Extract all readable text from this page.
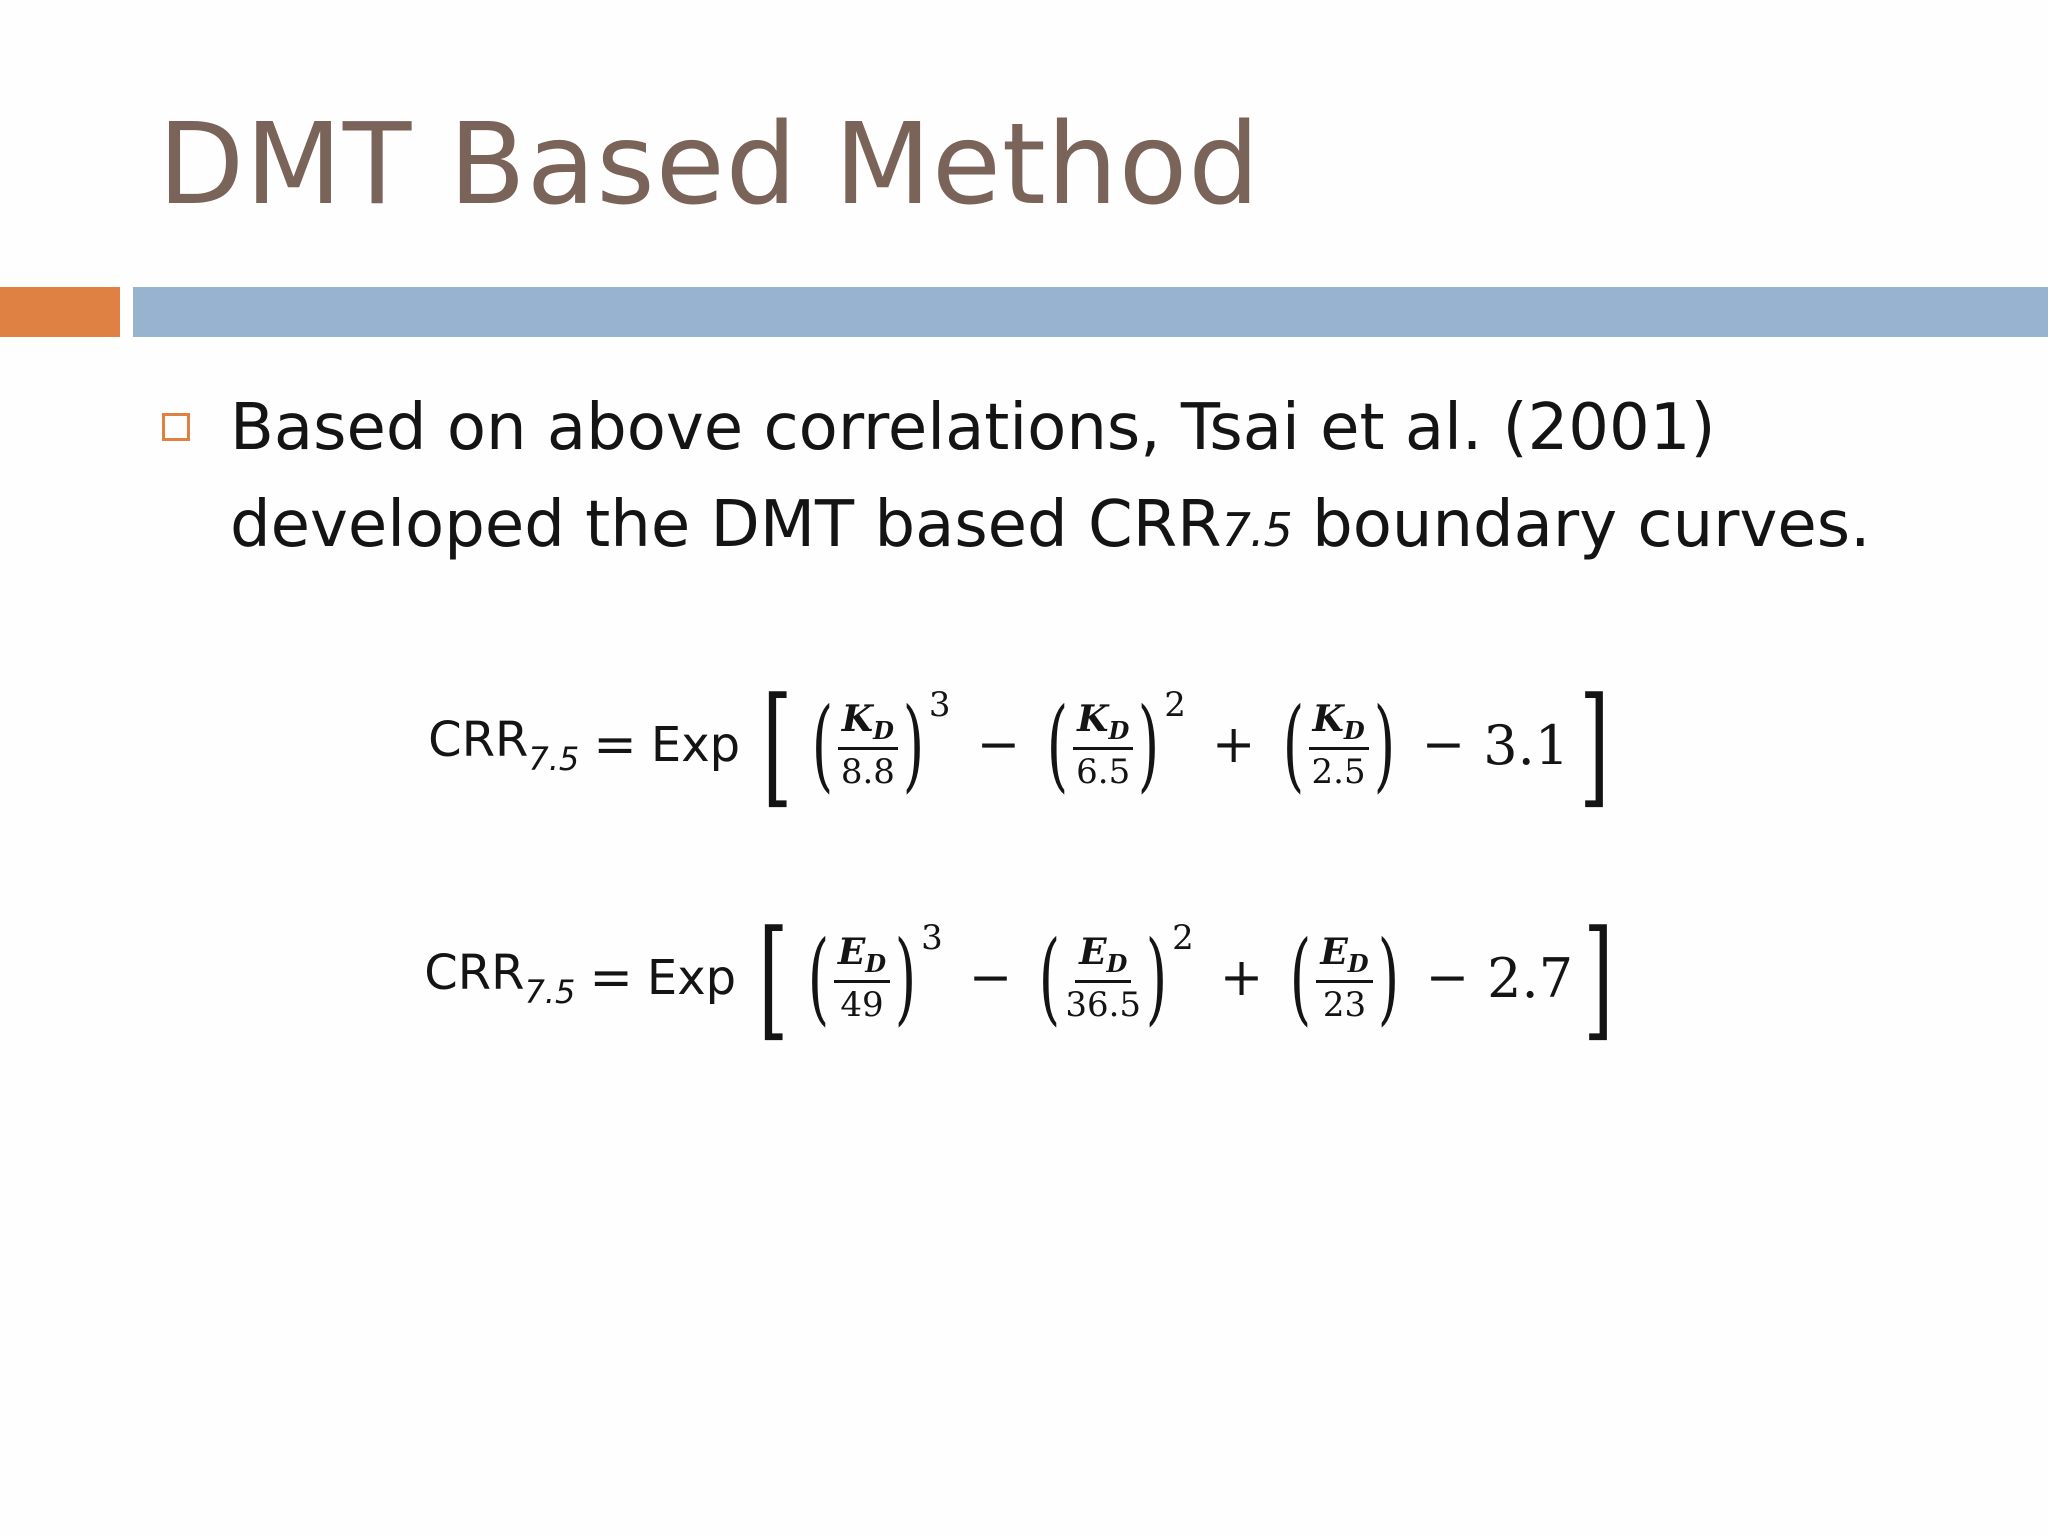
DMT Based Method
Based on above correlations, Tsai et al. (2001) developed the DMT based CRR7.5 boundary curves.
$CRR_{7.5}$ = Exp [ ( $\frac{K_D}{8.8}$ ) 3
− ( $\frac{K_D}{6.5}$ ) 2
+ ( $\frac{K_D}{2.5}$ ) − 3.1 ]
$CRR_{7.5}$ = Exp [ ( $\frac{E_D}{49}$ ) 3
− ( $\frac{E_D}{36.5}$ ) 2
+ ( $\frac{E_D}{23}$ ) − 2.7 ]
